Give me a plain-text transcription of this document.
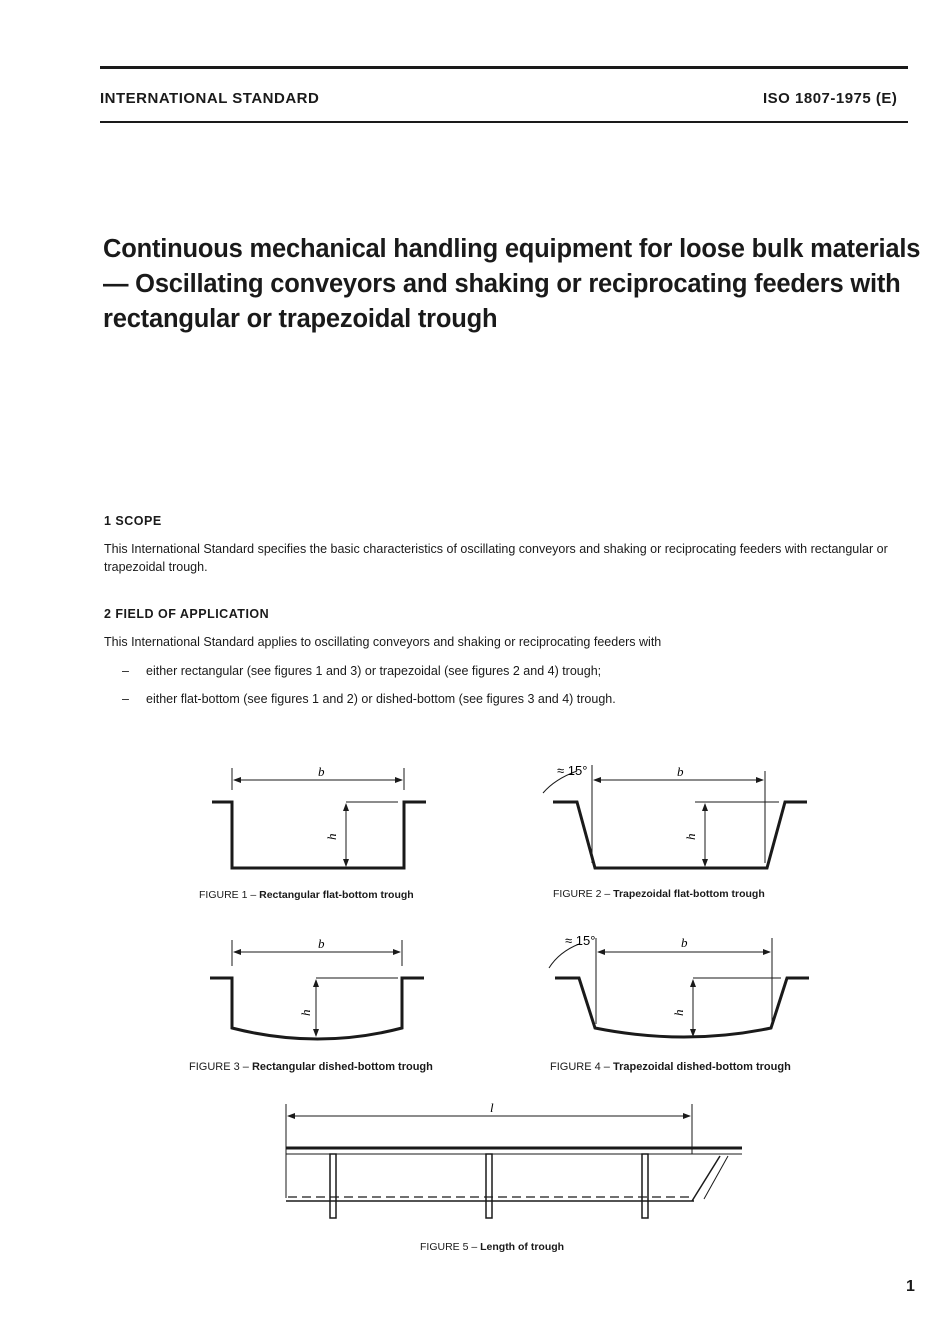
INTERNATIONAL STANDARD	ISO 1807-1975 (E)
Continuous mechanical handling equipment for loose bulk materials — Oscillating conveyors and shaking or reciprocating feeders with rectangular or trapezoidal trough
1 SCOPE

This International Standard specifies the basic characteristics of oscillating conveyors and shaking or reciprocating feeders with rectangular or trapezoidal trough.

2 FIELD OF APPLICATION

This International Standard applies to oscillating conveyors and shaking or reciprocating feeders with

– either rectangular (see figures 1 and 3) or trapezoidal (see figures 2 and 4) trough;
– either flat-bottom (see figures 1 and 2) or dished-bottom (see figures 3 and 4) trough.
b
h
FIGURE 1 – Rectangular flat-bottom trough
≈ 15°	b
h
FIGURE 2 – Trapezoidal flat-bottom trough
b
h
FIGURE 3 – Rectangular dished-bottom trough
≈ 15°	b
h
FIGURE 4 – Trapezoidal dished-bottom trough
l
FIGURE 5 – Length of trough
1
